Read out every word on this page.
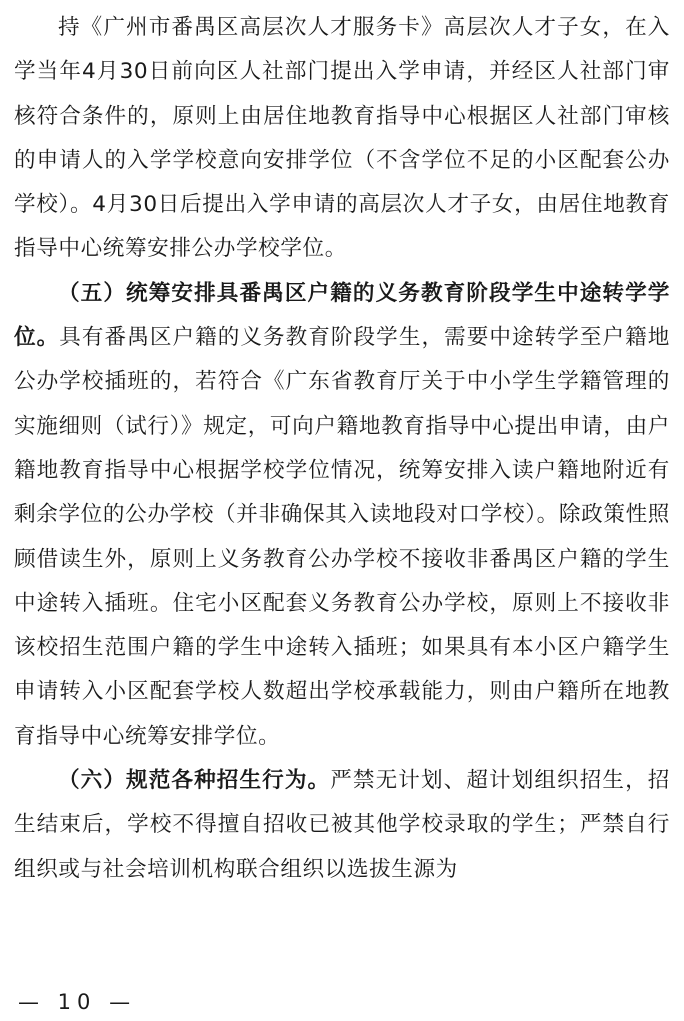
持《广州市番禺区高层次人才服务卡》高层次人才子女，在入学当年4月30日前向区人社部门提出入学申请，并经区人社部门审核符合条件的，原则上由居住地教育指导中心根据区人社部门审核的申请人的入学学校意向安排学位（不含学位不足的小区配套公办学校）。4月30日后提出入学申请的高层次人才子女，由居住地教育指导中心统筹安排公办学校学位。

（五）统筹安排具番禺区户籍的义务教育阶段学生中途转学学位。具有番禺区户籍的义务教育阶段学生，需要中途转学至户籍地公办学校插班的，若符合《广东省教育厅关于中小学生学籍管理的实施细则（试行）》规定，可向户籍地教育指导中心提出申请，由户籍地教育指导中心根据学校学位情况，统筹安排入读户籍地附近有剩余学位的公办学校（并非确保其入读地段对口学校）。除政策性照顾借读生外，原则上义务教育公办学校不接收非番禺区户籍的学生中途转入插班。住宅小区配套义务教育公办学校，原则上不接收非该校招生范围户籍的学生中途转入插班；如果具有本小区户籍学生申请转入小区配套学校人数超出学校承载能力，则由户籍所在地教育指导中心统筹安排学位。

（六）规范各种招生行为。严禁无计划、超计划组织招生，招生结束后，学校不得擅自招收已被其他学校录取的学生；严禁自行组织或与社会培训机构联合组织以选拔生源为

— 10 —
